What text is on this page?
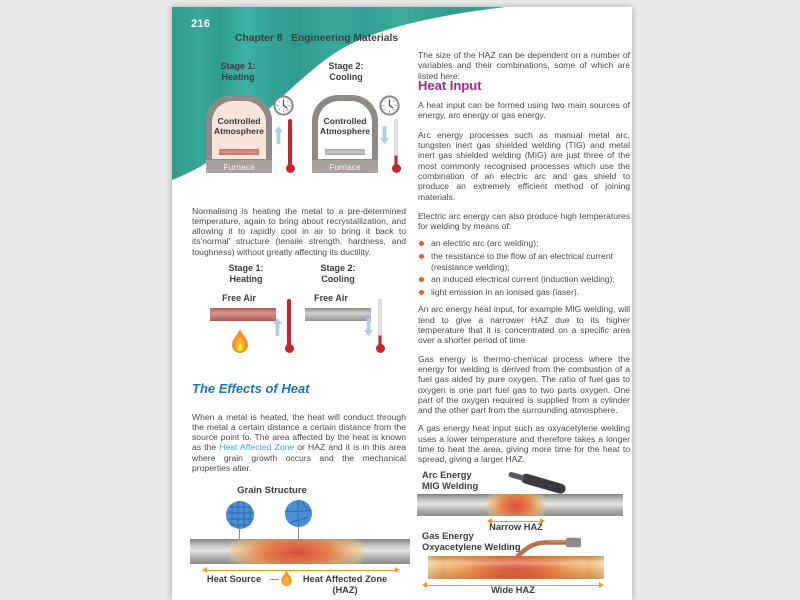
216
Chapter 8   Engineering Materials
Stage 1:
Heating
Stage 2:
Cooling
Controlled Atmosphere
Furnace
Controlled Atmosphere
Furnace

Normalising is heating the metal to a pre-determined temperature, again to bring about recrystallization, and allowing it to rapidly cool in air to bring it back to its'normal' structure (tensile strength, hardness, and toughness) without greatly affecting its ductility.

Stage 1:
Heating
Stage 2:
Cooling
Free Air	Free Air
The Effects of Heat

When a metal is heated, the heat will conduct through the metal a certain distance a certain distance from the source point to. The area affected by the heat is known as the Heat Affected Zone or HAZ and it is in this area where grain growth occurs and the mechanical properties alter.

Grain Structure
Heat Source	Heat Affected Zone
(HAZ)

The size of the HAZ can be dependent on a number of variables and their combinations, some of which are listed here:

Heat Input

A heat input can be formed using two main sources of energy, arc energy or gas energy.

Arc energy processes such as manual metal arc, tungsten inert gas shielded welding (TIG) and metal inert gas shielded welding (MIG) are just three of the most commonly recognised processes which use the combination of an electric arc and gas shield to produce an extremely efficient method of joining materials.

Electric arc energy can also produce high temperatures for welding by means of:

an electric arc (arc welding);
the resistance to the flow of an electrical current (resistance welding);
an induced electrical current (induction welding);
light emission in an ionised gas (laser).

An arc energy heat input, for example MIG welding, will tend to give a narrower HAZ due to its higher temperature that it is concentrated on a specific area over a shorter period of time

Gas energy is thermo-chemical process where the energy for welding is derived from the combustion of a fuel gas aided by pure oxygen. The ratio of fuel gas to oxygen is one part fuel gas to two parts oxygen. One part of the oxygen required is supplied from a cylinder and the other part from the surrounding atmosphere.

A gas energy heat input such as oxyacetylene welding uses a lower temperature and therefore takes a longer time to heat the area, giving more time for the heat to spread, giving a larger HAZ.

Arc Energy
MIG Welding
Narrow HAZ
Gas Energy
Oxyacetylene Welding
Wide HAZ
